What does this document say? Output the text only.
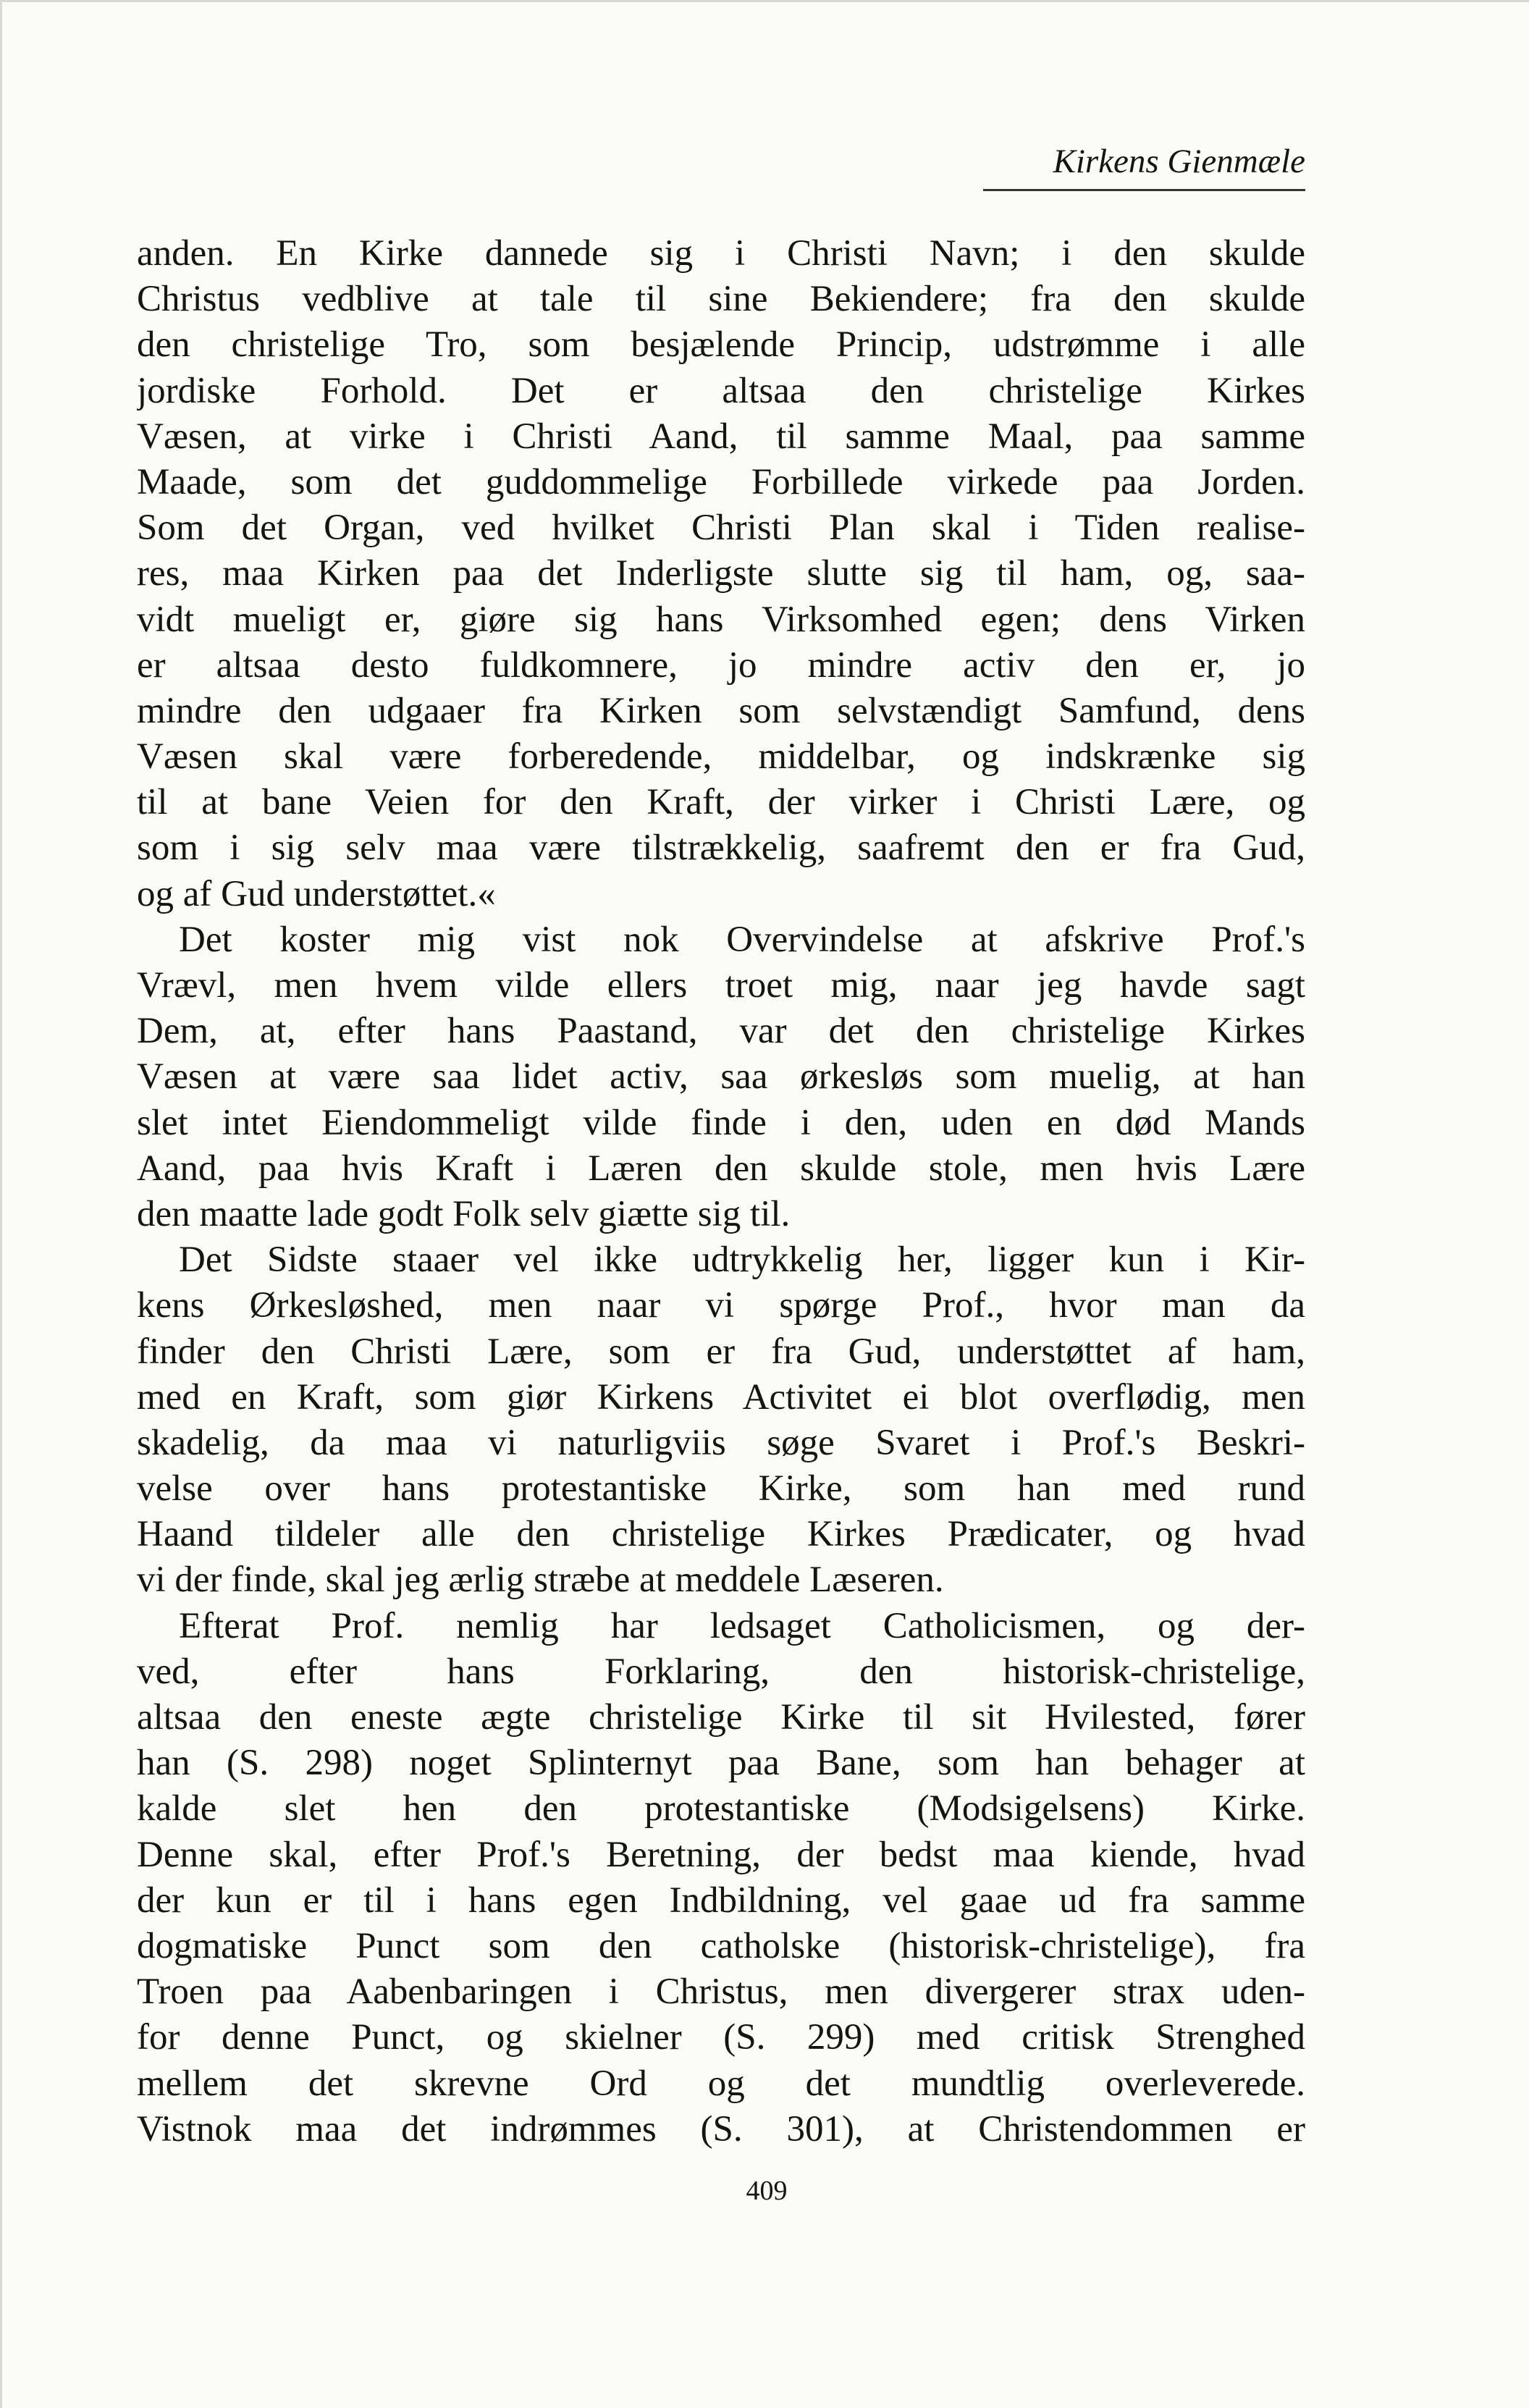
Kirkens Gienmæle
anden. En Kirke dannede sig i Christi Navn; i den skulde
Christus vedblive at tale til sine Bekiendere; fra den skulde
den christelige Tro, som besjælende Princip, udstrømme i alle
jordiske Forhold. Det er altsaa den christelige Kirkes
Væsen, at virke i Christi Aand, til samme Maal, paa samme
Maade, som det guddommelige Forbillede virkede paa Jorden.
Som det Organ, ved hvilket Christi Plan skal i Tiden realise-
res, maa Kirken paa det Inderligste slutte sig til ham, og, saa-
vidt mueligt er, giøre sig hans Virksomhed egen; dens Virken
er altsaa desto fuldkomnere, jo mindre activ den er, jo
mindre den udgaaer fra Kirken som selvstændigt Samfund, dens
Væsen skal være forberedende, middelbar, og indskrænke sig
til at bane Veien for den Kraft, der virker i Christi Lære, og
som i sig selv maa være tilstrækkelig, saafremt den er fra Gud,
og af Gud understøttet.«
Det koster mig vist nok Overvindelse at afskrive Prof.'s
Vrævl, men hvem vilde ellers troet mig, naar jeg havde sagt
Dem, at, efter hans Paastand, var det den christelige Kirkes
Væsen at være saa lidet activ, saa ørkesløs som muelig, at han
slet intet Eiendommeligt vilde finde i den, uden en død Mands
Aand, paa hvis Kraft i Læren den skulde stole, men hvis Lære
den maatte lade godt Folk selv giætte sig til.
Det Sidste staaer vel ikke udtrykkelig her, ligger kun i Kir-
kens Ørkesløshed, men naar vi spørge Prof., hvor man da
finder den Christi Lære, som er fra Gud, understøttet af ham,
med en Kraft, som giør Kirkens Activitet ei blot overflødig, men
skadelig, da maa vi naturligviis søge Svaret i Prof.'s Beskri-
velse over hans protestantiske Kirke, som han med rund
Haand tildeler alle den christelige Kirkes Prædicater, og hvad
vi der finde, skal jeg ærlig stræbe at meddele Læseren.
Efterat Prof. nemlig har ledsaget Catholicismen, og der-
ved, efter hans Forklaring, den historisk-christelige,
altsaa den eneste ægte christelige Kirke til sit Hvilested, fører
han (S. 298) noget Splinternyt paa Bane, som han behager at
kalde slet hen den protestantiske (Modsigelsens) Kirke.
Denne skal, efter Prof.'s Beretning, der bedst maa kiende, hvad
der kun er til i hans egen Indbildning, vel gaae ud fra samme
dogmatiske Punct som den catholske (historisk-christelige), fra
Troen paa Aabenbaringen i Christus, men divergerer strax uden-
for denne Punct, og skielner (S. 299) med critisk Strenghed
mellem det skrevne Ord og det mundtlig overleverede.
Vistnok maa det indrømmes (S. 301), at Christendommen er
409
